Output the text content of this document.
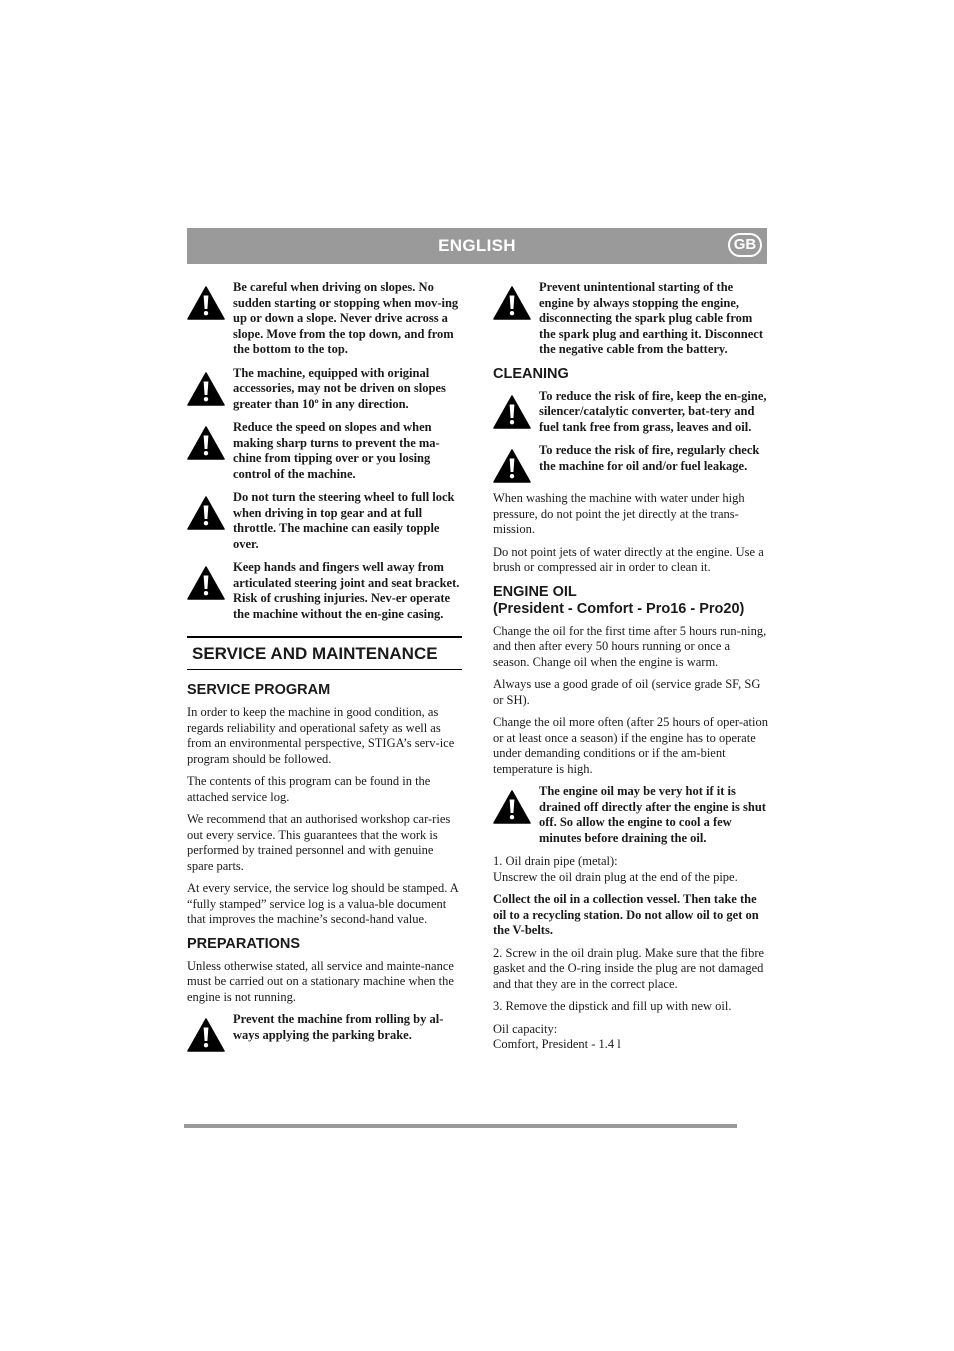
ENGLISH	GB
Be careful when driving on slopes. No sudden starting or stopping when mov-ing up or down a slope. Never drive across a slope. Move from the top down, and from the bottom to the top.
The machine, equipped with original accessories, may not be driven on slopes greater than 10º in any direction.
Reduce the speed on slopes and when making sharp turns to prevent the ma-chine from tipping over or you losing control of the machine.
Do not turn the steering wheel to full lock when driving in top gear and at full throttle. The machine can easily topple over.
Keep hands and fingers well away from articulated steering joint and seat bracket. Risk of crushing injuries. Nev-er operate the machine without the en-gine casing.
SERVICE AND MAINTENANCE
SERVICE PROGRAM

In order to keep the machine in good condition, as regards reliability and operational safety as well as from an environmental perspective, STIGA’s serv-ice program should be followed.

The contents of this program can be found in the attached service log.

We recommend that an authorised workshop car-ries out every service. This guarantees that the work is performed by trained personnel and with genuine spare parts.

At every service, the service log should be stamped. A “fully stamped” service log is a valua-ble document that improves the machine’s second-hand value.

PREPARATIONS

Unless otherwise stated, all service and mainte-nance must be carried out on a stationary machine when the engine is not running.

Prevent the machine from rolling by al-ways applying the parking brake.
Prevent unintentional starting of the engine by always stopping the engine, disconnecting the spark plug cable from the spark plug and earthing it. Disconnect the negative cable from the battery.
CLEANING
To reduce the risk of fire, keep the en-gine, silencer/catalytic converter, bat-tery and fuel tank free from grass, leaves and oil.
To reduce the risk of fire, regularly check the machine for oil and/or fuel leakage.

When washing the machine with water under high pressure, do not point the jet directly at the trans-mission.

Do not point jets of water directly at the engine. Use a brush or compressed air in order to clean it.

ENGINE OIL
(President - Comfort - Pro16 - Pro20)

Change the oil for the first time after 5 hours run-ning, and then after every 50 hours running or once a season. Change oil when the engine is warm.

Always use a good grade of oil (service grade SF, SG or SH).

Change the oil more often (after 25 hours of oper-ation or at least once a season) if the engine has to operate under demanding conditions or if the am-bient temperature is high.

The engine oil may be very hot if it is drained off directly after the engine is shut off. So allow the engine to cool a few minutes before draining the oil.

1. Oil drain pipe (metal):
Unscrew the oil drain plug at the end of the pipe.

Collect the oil in a collection vessel. Then take the oil to a recycling station. Do not allow oil to get on the V-belts.

2. Screw in the oil drain plug. Make sure that the fibre gasket and the O-ring inside the plug are not damaged and that they are in the correct place.

3. Remove the dipstick and fill up with new oil.

Oil capacity:
Comfort, President - 1.4 l
